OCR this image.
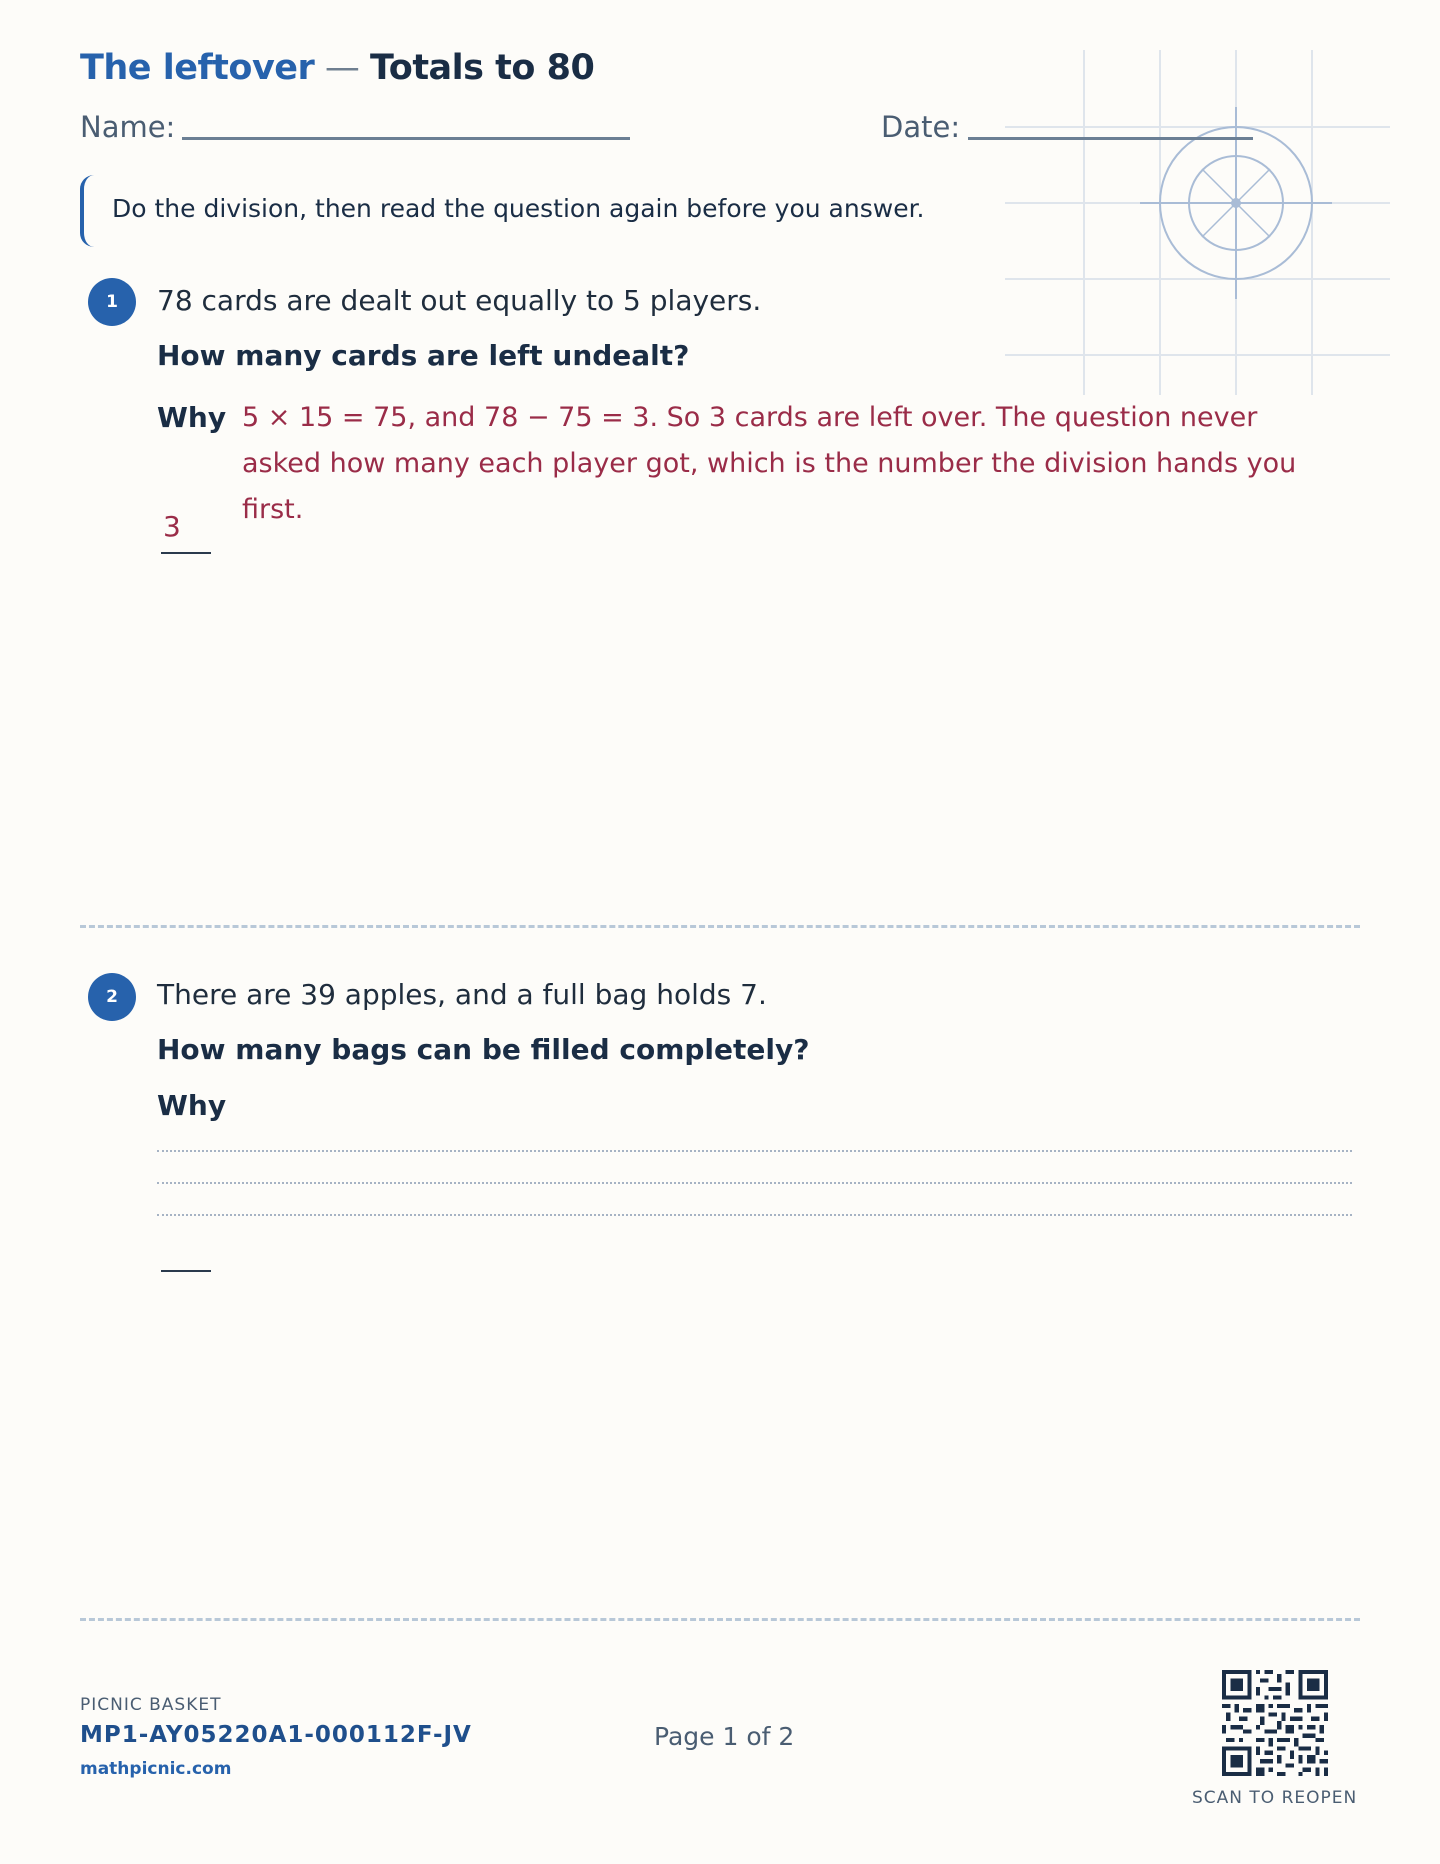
The leftover — Totals to 80
Name:	Date:
Do the division, then read the question again before you answer.
1	78 cards are dealt out equally to 5 players.
How many cards are left undealt?
Why 5 × 15 = 75, and 78 − 75 = 3. So 3 cards are left over. The question never asked how many each player got, which is the number the division hands you first.
3
2	There are 39 apples, and a full bag holds 7.
How many bags can be filled completely?
Why
PICNIC BASKET
MP1-AY05220A1-000112F-JV
mathpicnic.com
Page 1 of 2
SCAN TO REOPEN
